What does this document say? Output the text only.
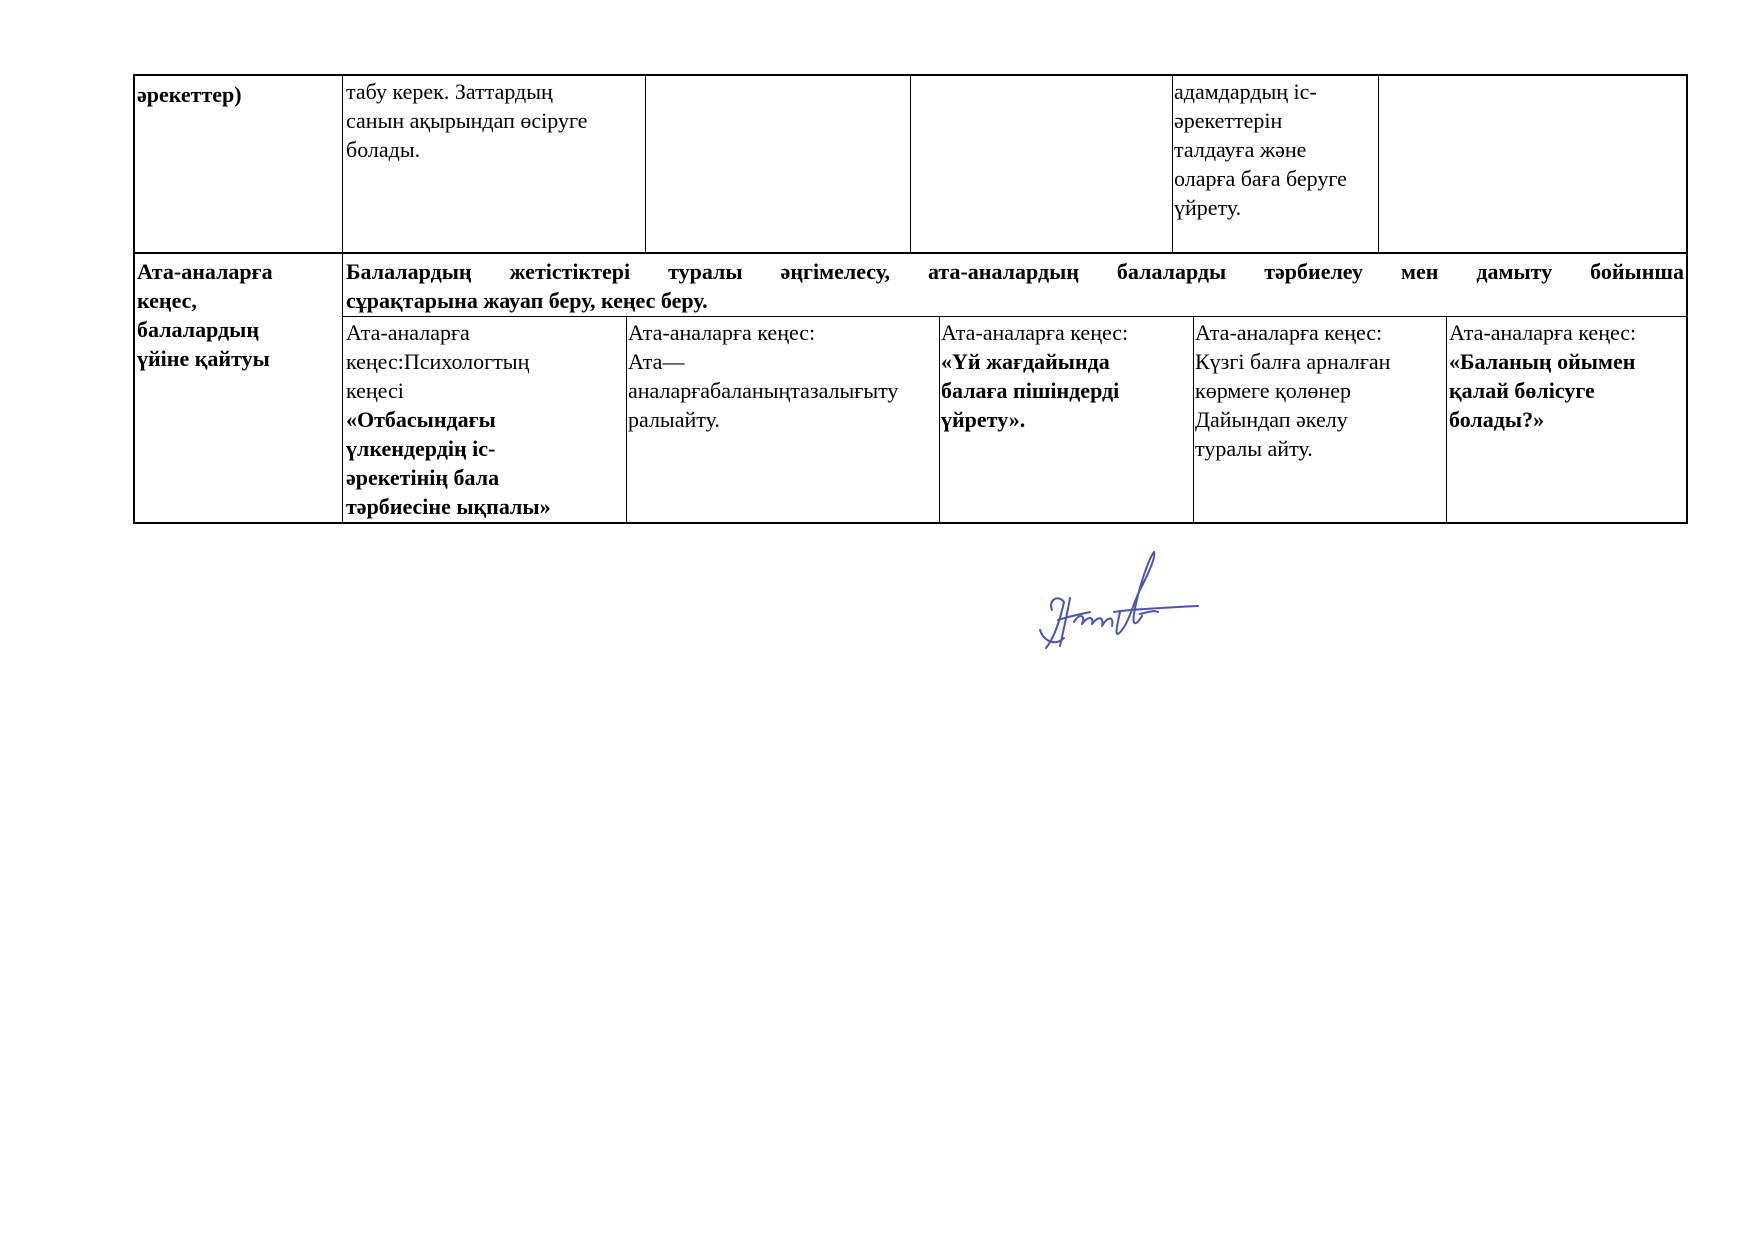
әрекеттер)	табу керек. Заттардың
санын ақырындап өсіруге
болады.
адамдардың іс-
әрекеттерін
талдауға және
оларға баға беруге
үйрету.
Ата-аналарға
кеңес,
балалардың
үйіне қайтуы
Балалардың жетістіктері туралы әңгімелесу, ата-аналардың балаларды тәрбиелеу мен дамыту бойынша
сұрақтарына жауап беру, кеңес беру.
Ата-аналарға
кеңес:Психологтың
кеңесі
«Отбасындағы
үлкендердің іс-
әрекетінің бала
тәрбиесіне ықпалы»
Ата-аналарға кеңес:
Ата—
аналарғабаланыңтазалығыту
ралыайту.
Ата-аналарға кеңес:
«Үй жағдайында
балаға пішіндерді
үйрету».
Ата-аналарға кеңес:
Күзгі балға арналған
көрмеге қолөнер
Дайындап әкелу
туралы айту.
Ата-аналарға кеңес:
«Баланың ойымен
қалай бөлісуге
болады?»
